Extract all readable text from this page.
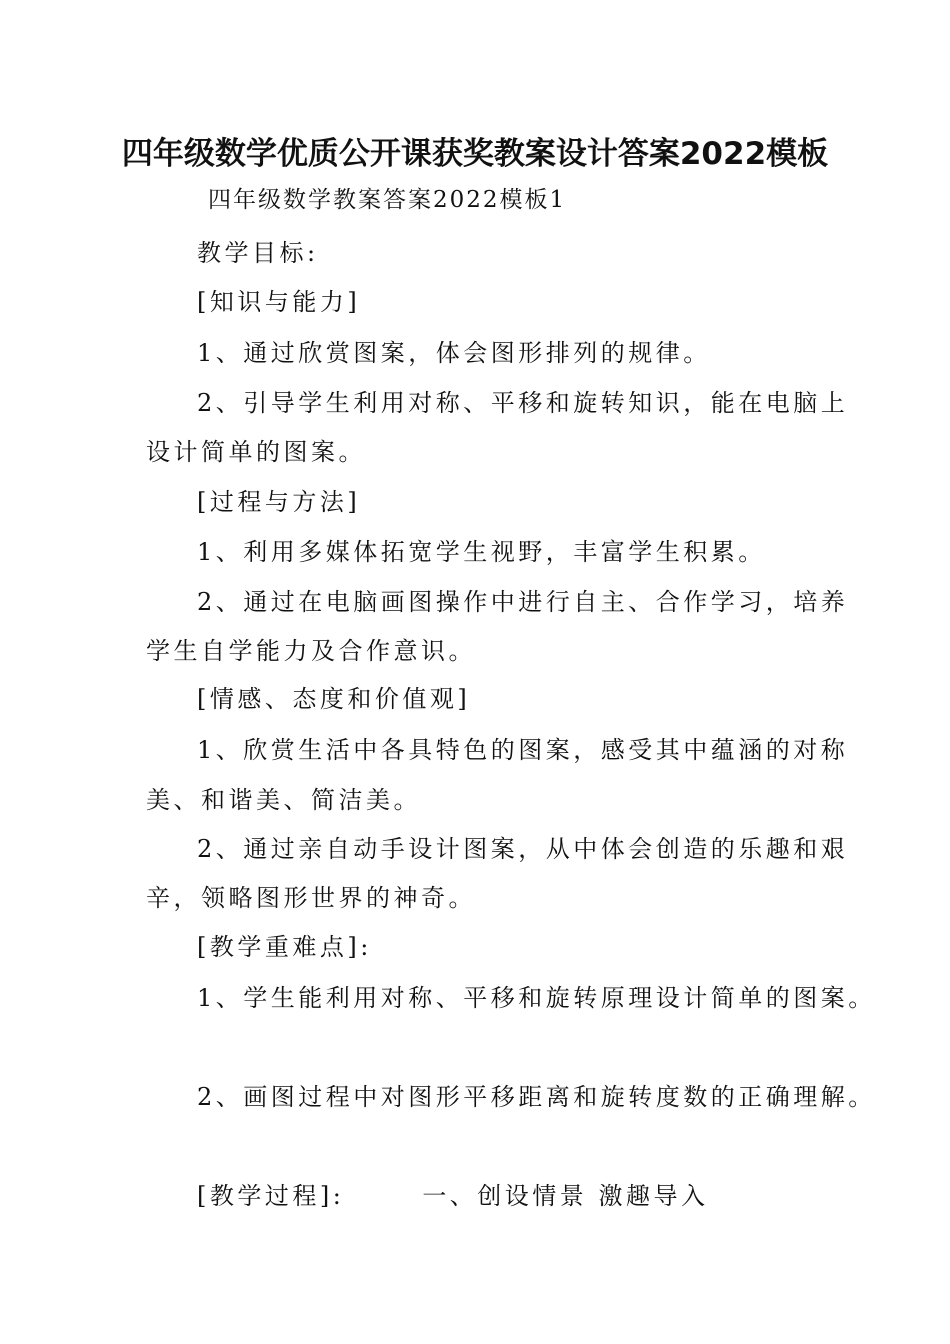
四年级数学优质公开课获奖教案设计答案2022模板
四年级数学教案答案2022模板1
教学目标:
[知识与能力]
1、通过欣赏图案，体会图形排列的规律。
2、引导学生利用对称、平移和旋转知识，能在电脑上
设计简单的图案。
[过程与方法]
1、利用多媒体拓宽学生视野，丰富学生积累。
2、通过在电脑画图操作中进行自主、合作学习，培养
学生自学能力及合作意识。
[情感、态度和价值观]
1、欣赏生活中各具特色的图案，感受其中蕴涵的对称
美、和谐美、简洁美。
2、通过亲自动手设计图案，从中体会创造的乐趣和艰
辛，领略图形世界的神奇。
[教学重难点]:
1、学生能利用对称、平移和旋转原理设计简单的图案。
2、画图过程中对图形平移距离和旋转度数的正确理解。
[教学过程]:	一、创设情景 激趣导入
